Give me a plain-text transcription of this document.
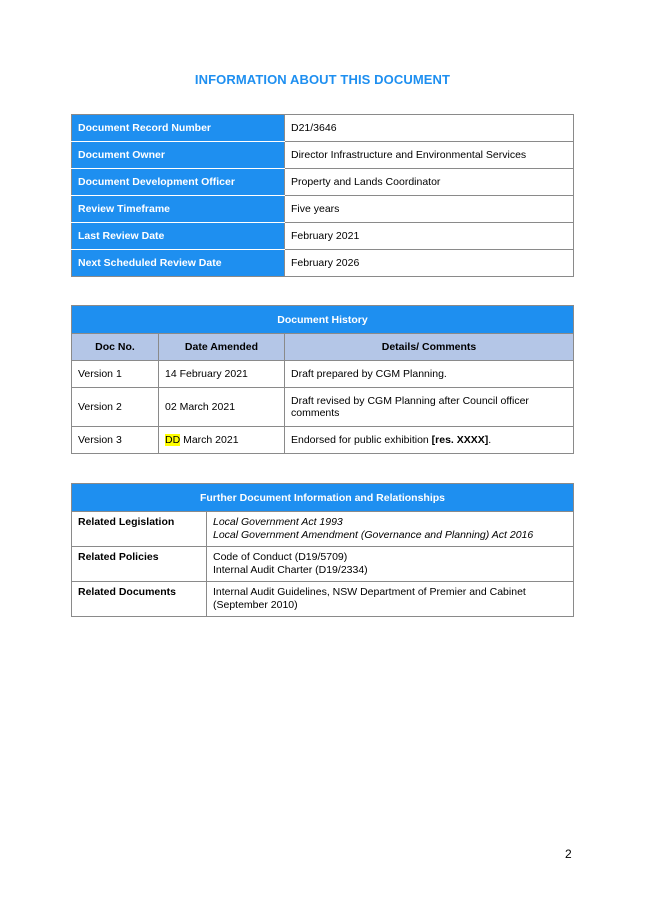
INFORMATION ABOUT THIS DOCUMENT
Document Record Number	D21/3646
Document Owner	Director Infrastructure and Environmental Services
Document Development Officer	Property and Lands Coordinator
Review Timeframe	Five years
Last Review Date	February 2021
Next Scheduled Review Date	February 2026
Document History		
Doc No.	Date Amended	Details/ Comments
Version 1	14 February 2021	Draft prepared by CGM Planning.
Version 2	02 March 2021	Draft revised by CGM Planning after Council officer comments
Version 3	DD March 2021	Endorsed for public exhibition [res. XXXX].
Further Document Information and Relationships	
Related Legislation	Local Government Act 1993
Local Government Amendment (Governance and Planning) Act 2016

Related Policies	Code of Conduct (D19/5709)
Internal Audit Charter (D19/2334)

Related Documents	Internal Audit Guidelines, NSW Department of Premier and Cabinet (September 2010)
2
